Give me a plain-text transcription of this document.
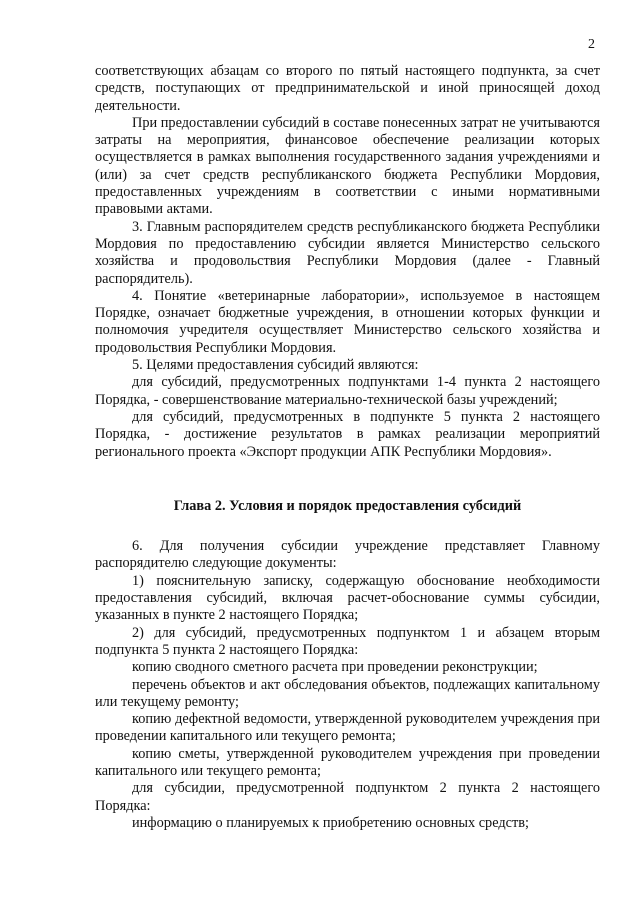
2

соответствующих абзацам со второго по пятый настоящего подпункта, за счет средств, поступающих от предпринимательской и иной приносящей доход деятельности.

При предоставлении субсидий в составе понесенных затрат не учитываются затраты на мероприятия, финансовое обеспечение реализации которых осуществляется в рамках выполнения государственного задания учреждениями и (или) за счет средств республиканского бюджета Республики Мордовия, предоставленных учреждениям в соответствии с иными нормативными правовыми актами.

3. Главным распорядителем средств республиканского бюджета Республики Мордовия по предоставлению субсидии является Министерство сельского хозяйства и продовольствия Республики Мордовия (далее - Главный распорядитель).

4. Понятие «ветеринарные лаборатории», используемое в настоящем Порядке, означает бюджетные учреждения, в отношении которых функции и полномочия учредителя осуществляет Министерство сельского хозяйства и продовольствия Республики Мордовия.

5. Целями предоставления субсидий являются:

для субсидий, предусмотренных подпунктами 1-4 пункта 2 настоящего Порядка, - совершенствование материально-технической базы учреждений;

для субсидий, предусмотренных в подпункте 5 пункта 2 настоящего Порядка, - достижение результатов в рамках реализации мероприятий регионального проекта «Экспорт продукции АПК Республики Мордовия».

Глава 2. Условия и порядок предоставления субсидий

6. Для получения субсидии учреждение представляет Главному распорядителю следующие документы:

1) пояснительную записку, содержащую обоснование необходимости предоставления субсидий, включая расчет-обоснование суммы субсидии, указанных в пункте 2 настоящего Порядка;

2) для субсидий, предусмотренных подпунктом 1 и абзацем вторым подпункта 5 пункта 2 настоящего Порядка:

копию сводного сметного расчета при проведении реконструкции;

перечень объектов и акт обследования объектов, подлежащих капитальному или текущему ремонту;

копию дефектной ведомости, утвержденной руководителем учреждения при проведении капитального или текущего ремонта;

копию сметы, утвержденной руководителем учреждения при проведении капитального или текущего ремонта;

для субсидии, предусмотренной подпунктом 2 пункта 2 настоящего Порядка:

информацию о планируемых к приобретению основных средств;
